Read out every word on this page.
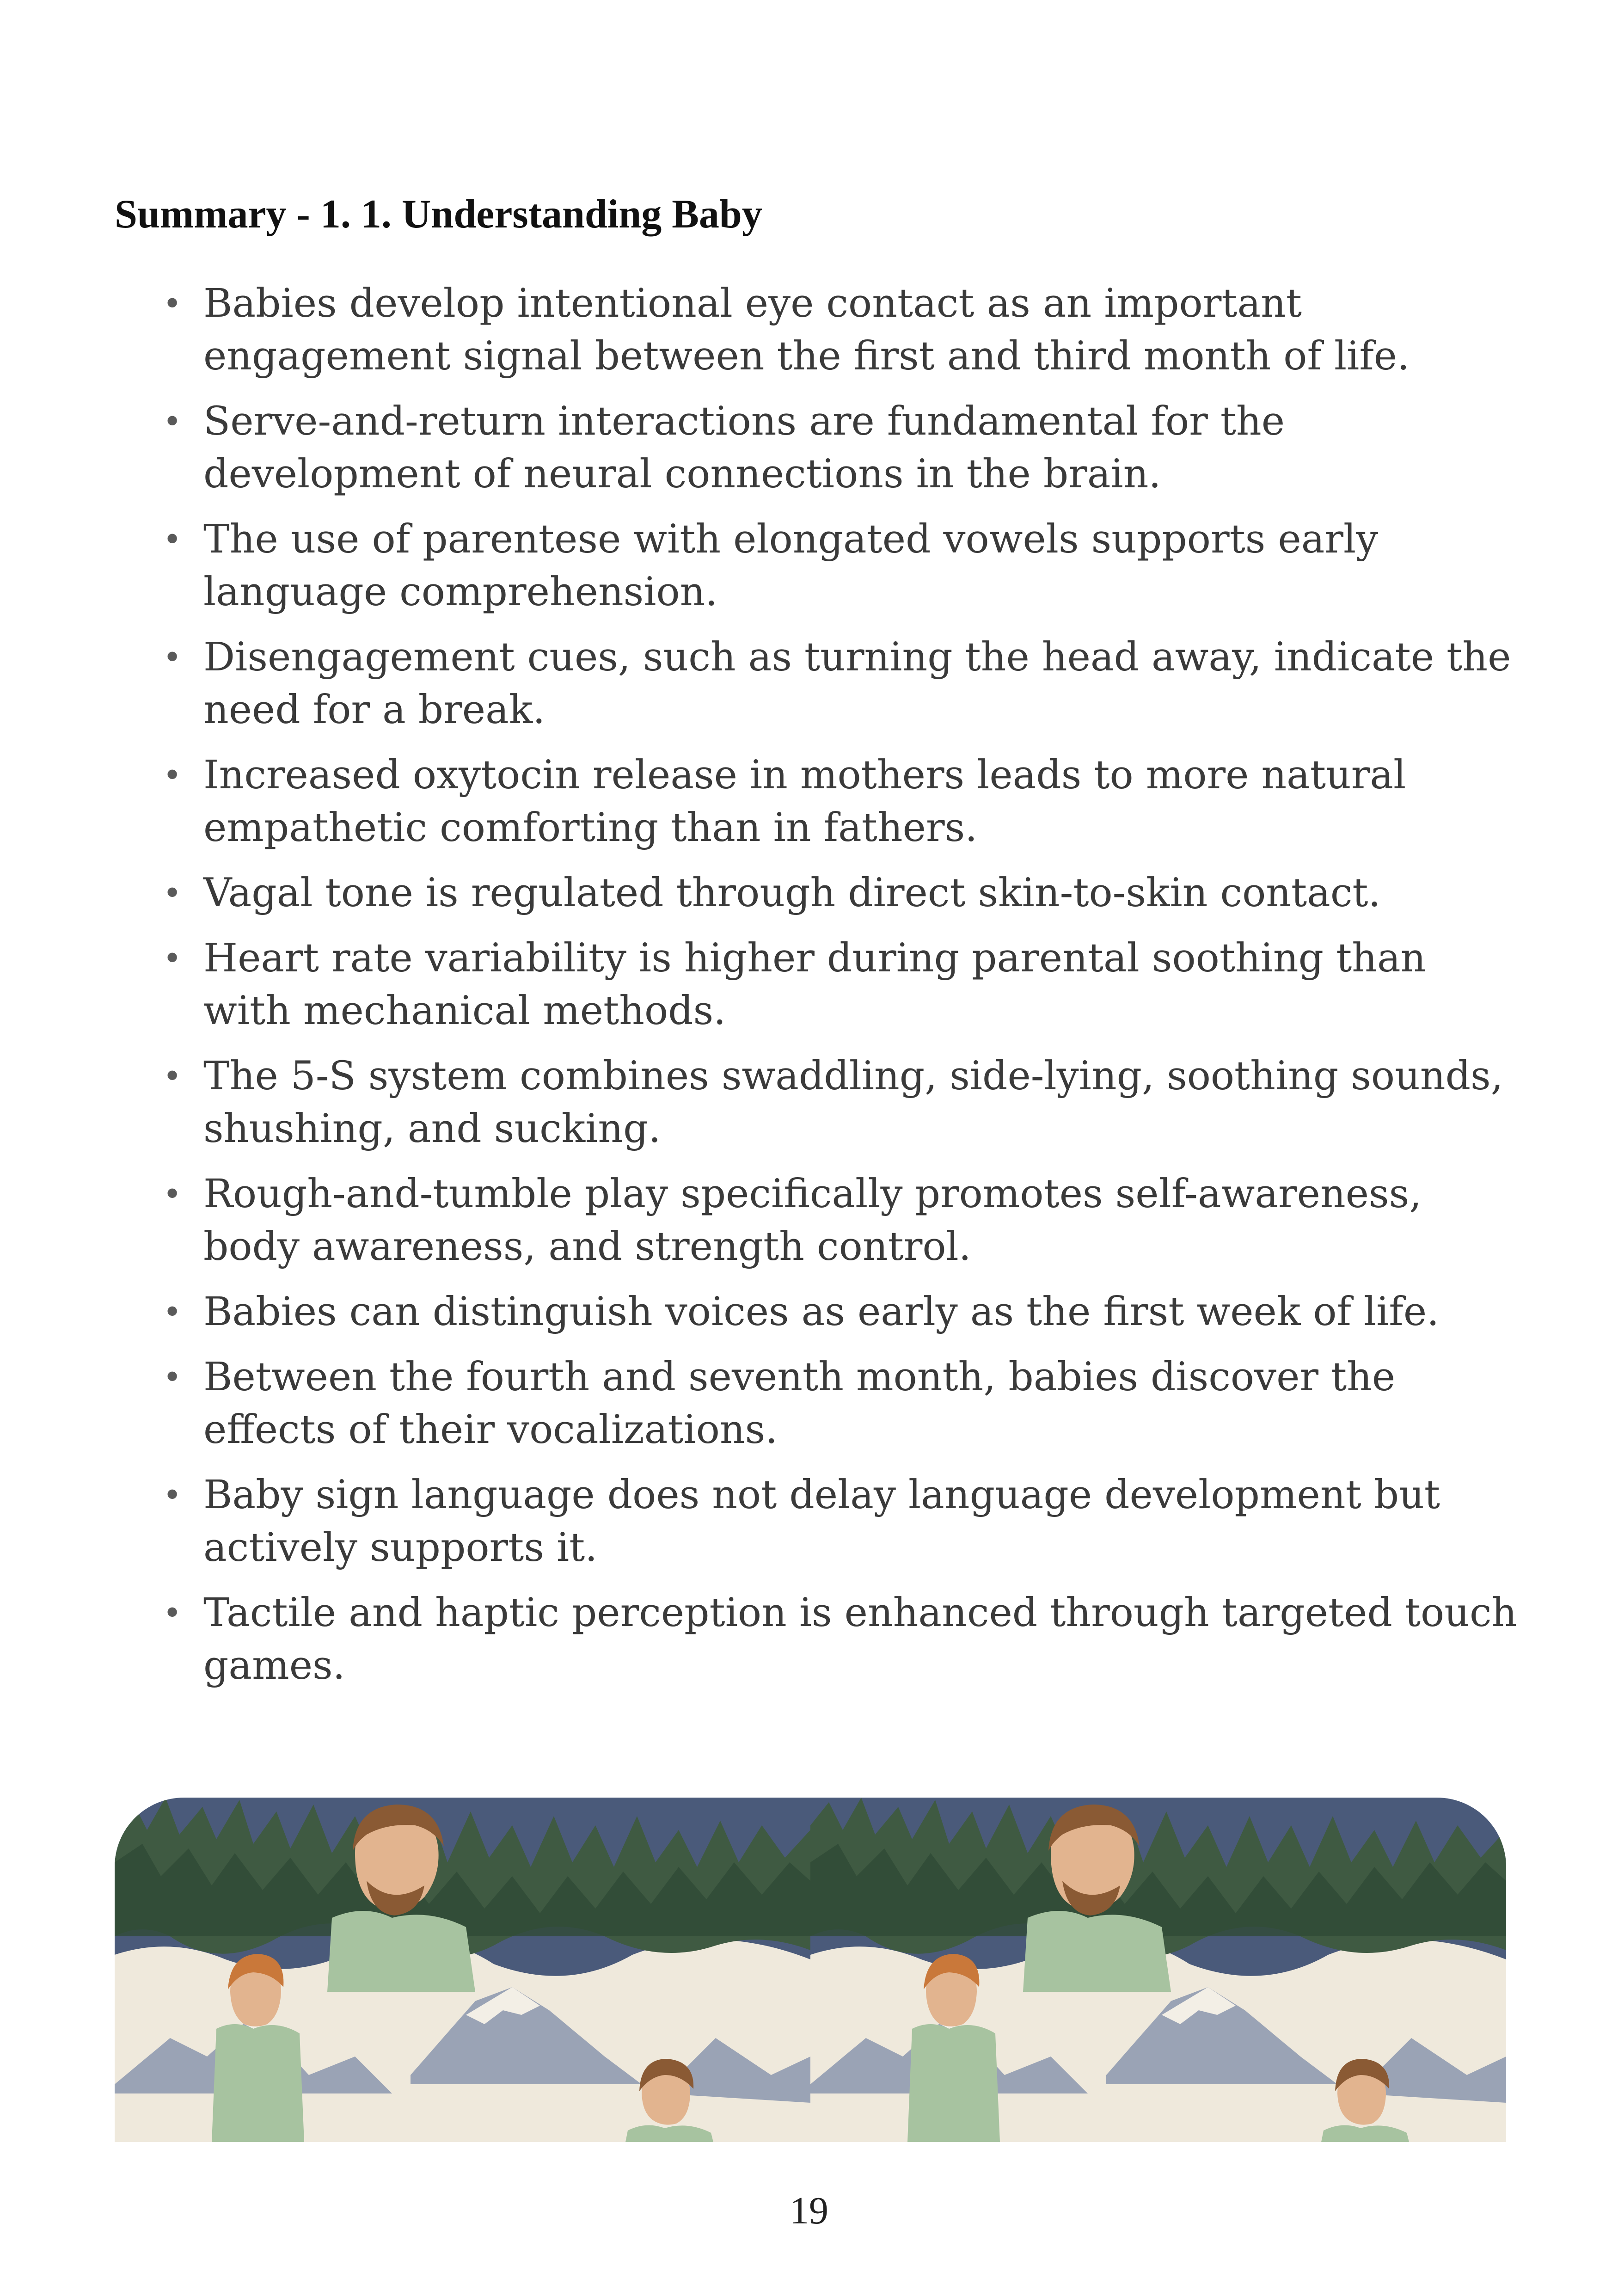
Summary - 1. 1. Understanding Baby
• Babies develop intentional eye contact as an important engagement signal between the first and third month of life.
• Serve-and-return interactions are fundamental for the development of neural connections in the brain.
• The use of parentese with elongated vowels supports early language comprehension.
• Disengagement cues, such as turning the head away, indicate the need for a break.
• Increased oxytocin release in mothers leads to more natural empathetic comforting than in fathers.
• Vagal tone is regulated through direct skin-to-skin contact.
• Heart rate variability is higher during parental soothing than with mechanical methods.
• The 5-S system combines swaddling, side-lying, soothing sounds, shushing, and sucking.
• Rough-and-tumble play specifically promotes self-awareness, body awareness, and strength control.
• Babies can distinguish voices as early as the first week of life.
• Between the fourth and seventh month, babies discover the effects of their vocalizations.
• Baby sign language does not delay language development but actively supports it.
• Tactile and haptic perception is enhanced through targeted touch games.
19
